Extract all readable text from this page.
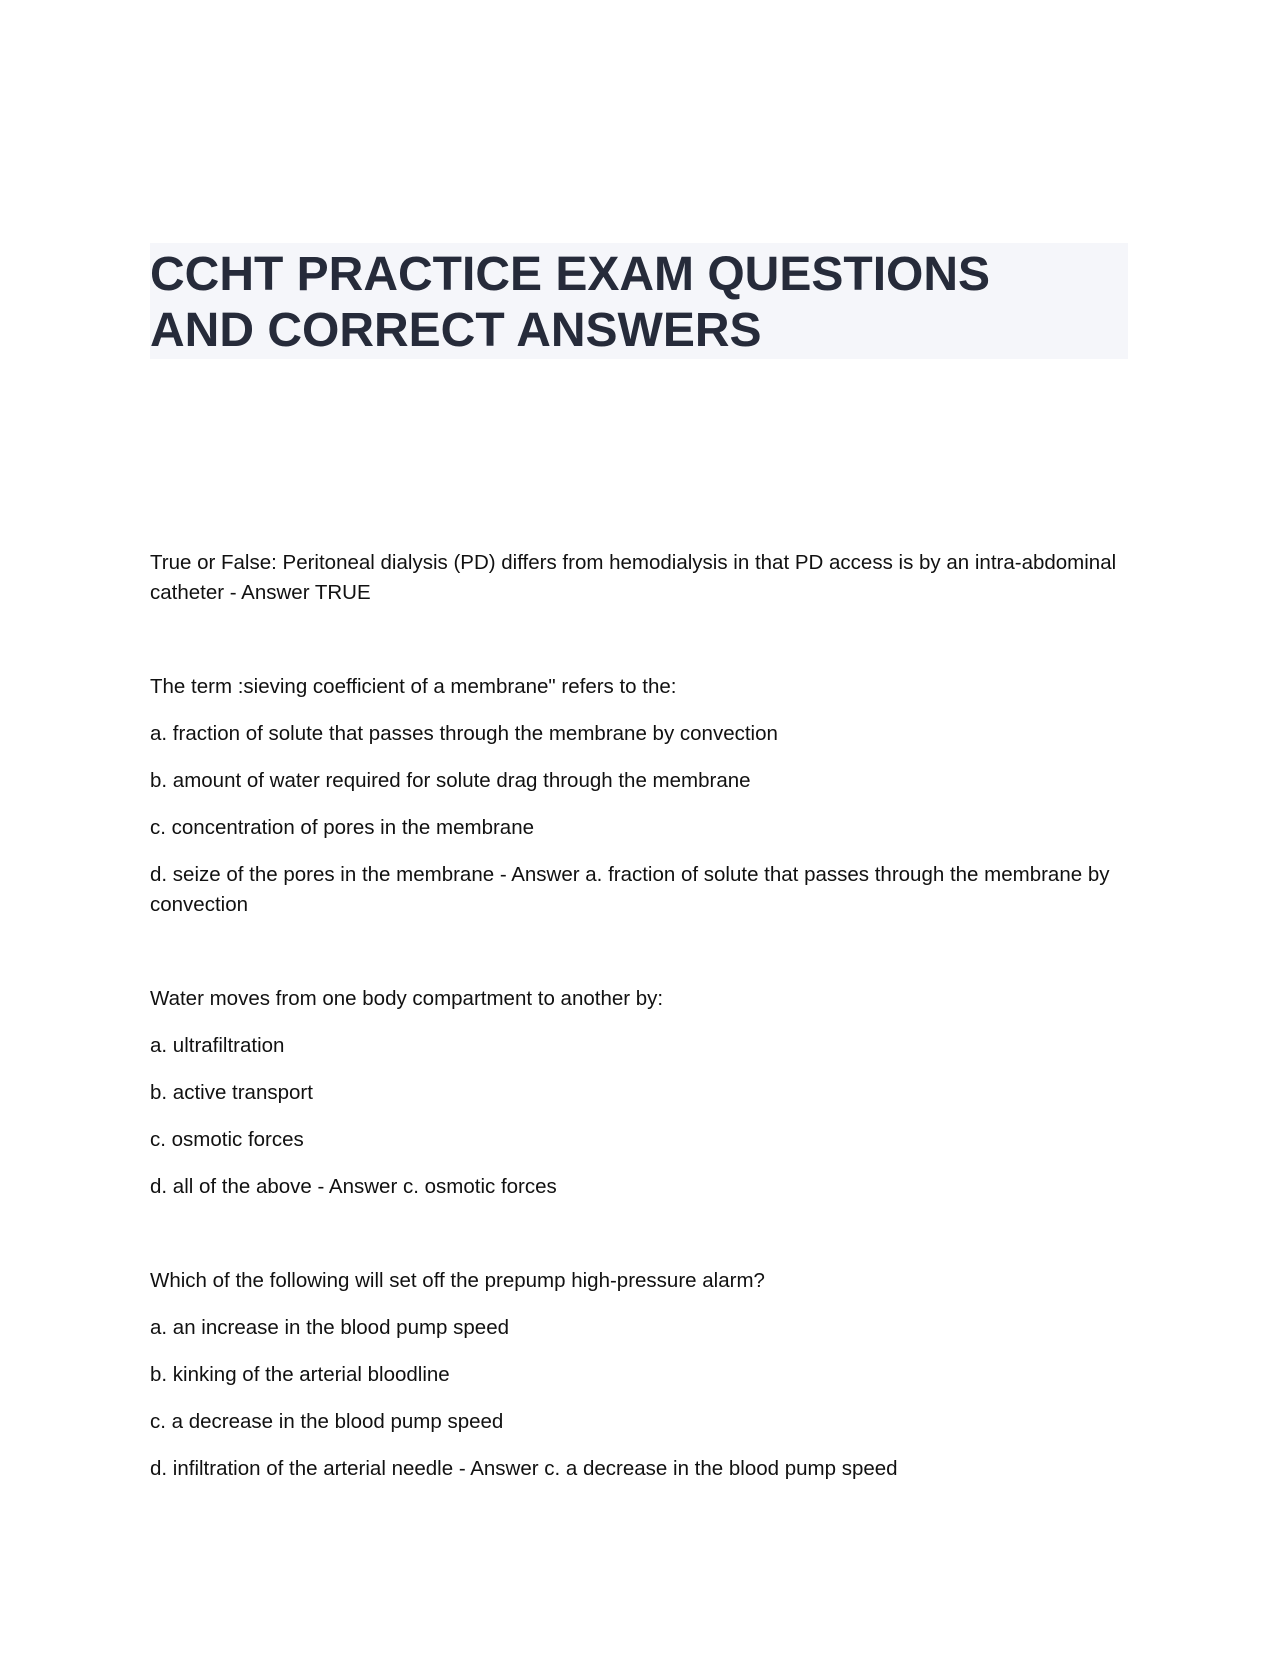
CCHT PRACTICE EXAM QUESTIONS
AND CORRECT ANSWERS

True or False: Peritoneal dialysis (PD) differs from hemodialysis in that PD access is by an intra-abdominal catheter - Answer TRUE

The term :sieving coefficient of a membrane" refers to the:

a. fraction of solute that passes through the membrane by convection

b. amount of water required for solute drag through the membrane

c. concentration of pores in the membrane

d. seize of the pores in the membrane - Answer a. fraction of solute that passes through the membrane by convection

Water moves from one body compartment to another by:

a. ultrafiltration

b. active transport

c. osmotic forces

d. all of the above - Answer c. osmotic forces

Which of the following will set off the prepump high-pressure alarm?

a. an increase in the blood pump speed

b. kinking of the arterial bloodline

c. a decrease in the blood pump speed

d. infiltration of the arterial needle - Answer c. a decrease in the blood pump speed
